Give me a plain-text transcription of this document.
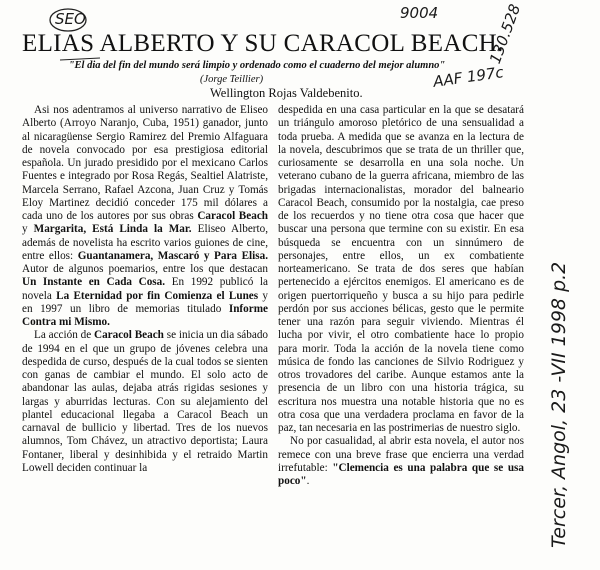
9004
SEO
AAF 197c
130.528
Tercer, Angol, 23 -VII 1998 p.2
ELIAS ALBERTO Y SU CARACOL BEACH.
"El dia del fin del mundo será limpio y ordenado como el cuaderno del mejor alumno"
(Jorge Teillier)
Wellington Rojas Valdebenito.

Asi nos adentramos al universo narrativo de Eliseo Alberto (Arroyo Naranjo, Cuba, 1951) ganador, junto al nicaragüense Sergio Ramirez del Premio Alfaguara de novela convocado por esa prestigiosa editorial española. Un jurado presidido por el mexicano Carlos Fuentes e integrado por Rosa Regás, Sealtiel Alatriste, Marcela Serrano, Rafael Azcona, Juan Cruz y Tomás Eloy Martinez decidió conceder 175 mil dólares a cada uno de los autores por sus obras Caracol Beach y Margarita, Está Linda la Mar. Eliseo Alberto, además de novelista ha escrito varios guiones de cine, entre ellos: Guantanamera, Mascaró y Para Elisa. Autor de algunos poemarios, entre los que destacan Un Instante en Cada Cosa. En 1992 publicó la novela La Eternidad por fin Comienza el Lunes y en 1997 un libro de memorias titulado Informe Contra mi Mismo.

La acción de Caracol Beach se inicia un dia sábado de 1994 en el que un grupo de jóvenes celebra una despedida de curso, después de la cual todos se sienten con ganas de cambiar el mundo. El solo acto de abandonar las aulas, dejaba atrás rigidas sesiones y largas y aburridas lecturas. Con su alejamiento del plantel educacional llegaba a Caracol Beach un carnaval de bullicio y libertad. Tres de los nuevos alumnos, Tom Chávez, un atractivo deportista; Laura Fontaner, liberal y desinhibida y el retraido Martin Lowell deciden continuar la

despedida en una casa particular en la que se desatará un triángulo amoroso pletórico de una sensualidad a toda prueba. A medida que se avanza en la lectura de la novela, descubrimos que se trata de un thriller que, curiosamente se desarrolla en una sola noche. Un veterano cubano de la guerra africana, miembro de las brigadas internacionalistas, morador del balneario Caracol Beach, consumido por la nostalgia, cae preso de los recuerdos y no tiene otra cosa que hacer que buscar una persona que termine con su existir. En esa búsqueda se encuentra con un sinnúmero de personajes, entre ellos, un ex combatiente norteamericano. Se trata de dos seres que habían pertenecido a ejércitos enemigos. El americano es de origen puertorriqueño y busca a su hijo para pedirle perdón por sus acciones bélicas, gesto que le permite tener una razón para seguir viviendo. Mientras él lucha por vivir, el otro combatiente hace lo propio para morir. Toda la acción de la novela tiene como música de fondo las canciones de Silvio Rodriguez y otros trovadores del caribe. Aunque estamos ante la presencia de un libro con una historia trágica, su escritura nos muestra una notable historia que no es otra cosa que una verdadera proclama en favor de la paz, tan necesaria en las postrimerias de nuestro siglo.

No por casualidad, al abrir esta novela, el autor nos remece con una breve frase que encierra una verdad irrefutable: "Clemencia es una palabra que se usa poco".
